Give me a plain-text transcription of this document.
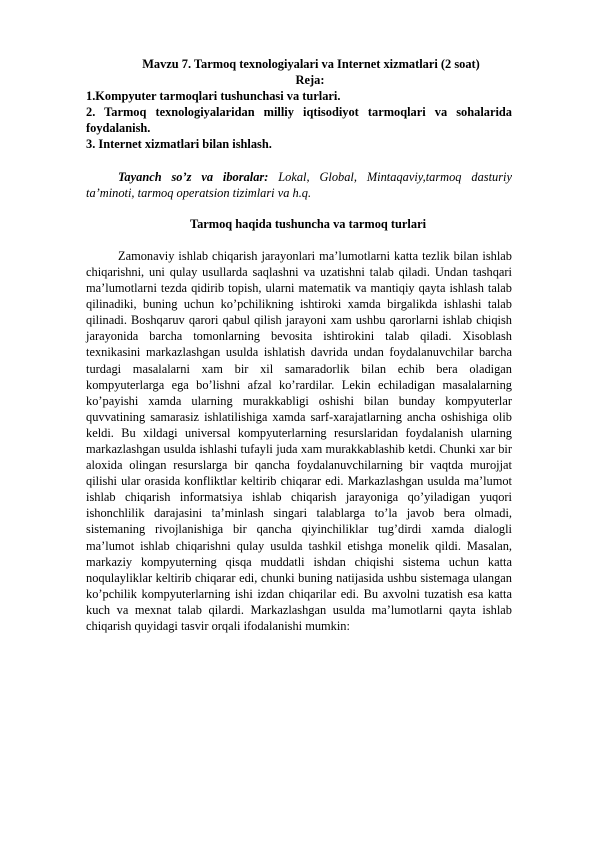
Mavzu 7. Tarmoq texnologiyalari va Internet xizmatlari (2 soat)
Reja:
1.Kompyuter tarmoqlari tushunchasi va turlari.
2. Tarmoq texnologiyalaridan milliy iqtisodiyot tarmoqlari va sohalarida foydalanish.
3. Internet xizmatlari bilan ishlash.
Tayanch so’z va iboralar: Lokal, Global, Mintaqaviy,tarmoq dasturiy ta’minoti, tarmoq operatsion tizimlari va h.q.
Tarmoq haqida tushuncha va tarmoq turlari
Zamonaviy ishlab chiqarish jarayonlari ma’lumotlarni katta tezlik bilan ishlab chiqarishni, uni qulay usullarda saqlashni va uzatishni talab qiladi. Undan tashqari ma’lumotlarni tezda qidirib topish, ularni matematik va mantiqiy qayta ishlash talab qilinadiki, buning uchun ko’pchilikning ishtiroki xamda birgalikda ishlashi talab qilinadi. Boshqaruv qarori qabul qilish jarayoni xam ushbu qarorlarni ishlab chiqish jarayonida barcha tomonlarning bevosita ishtirokini talab qiladi. Xisoblash texnikasini markazlashgan usulda ishlatish davrida undan foydalanuvchilar barcha turdagi masalalarni xam bir xil samaradorlik bilan echib bera oladigan kompyuterlarga ega bo’lishni afzal ko’rardilar. Lekin echiladigan masalalarning ko’payishi xamda ularning murakkabligi oshishi bilan bunday kompyuterlar quvvatining samarasiz ishlatilishiga xamda sarf-xarajatlarning ancha oshishiga olib keldi. Bu xildagi universal kompyuterlarning resurslaridan foydalanish ularning markazlashgan usulda ishlashi tufayli juda xam murakkablashib ketdi. Chunki xar bir aloxida olingan resurslarga bir qancha foydalanuvchilarning bir vaqtda murojjat qilishi ular orasida konfliktlar keltirib chiqarar edi. Markazlashgan usulda ma’lumot ishlab chiqarish informatsiya ishlab chiqarish jarayoniga qo’yiladigan yuqori ishonchlilik darajasini ta’minlash singari talablarga to’la javob bera olmadi, sistemaning rivojlanishiga bir qancha qiyinchiliklar tug’dirdi xamda dialogli ma’lumot ishlab chiqarishni qulay usulda tashkil etishga monelik qildi. Masalan, markaziy kompyuterning qisqa muddatli ishdan chiqishi sistema uchun katta noqulayliklar keltirib chiqarar edi, chunki buning natijasida ushbu sistemaga ulangan ko’pchilik kompyuterlarning ishi izdan chiqarilar edi. Bu axvolni tuzatish esa katta kuch va mexnat talab qilardi. Markazlashgan usulda ma’lumotlarni qayta ishlab chiqarish quyidagi tasvir orqali ifodalanishi mumkin:
